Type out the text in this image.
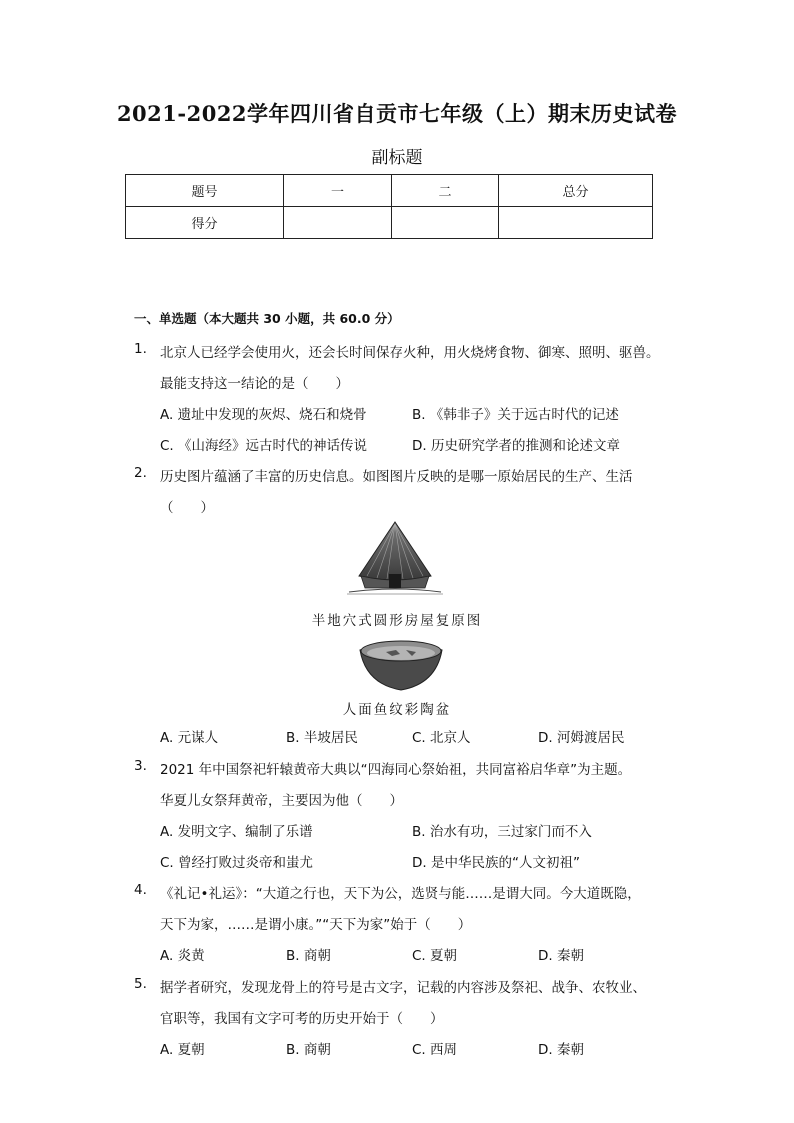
2021-2022学年四川省自贡市七年级（上）期末历史试卷
副标题
题号	一	二	总分
得分			
一、单选题（本大题共 30 小题，共 60.0 分）
1. 北京人已经学会使用火，还会长时间保存火种，用火烧烤食物、御寒、照明、驱兽。
最能支持这一结论的是（　　）
A. 遗址中发现的灰烬、烧石和烧骨	B. 《韩非子》关于远古时代的记述
C. 《山海经》远古时代的神话传说	D. 历史研究学者的推测和论述文章
2. 历史图片蕴涵了丰富的历史信息。如图图片反映的是哪一原始居民的生产、生活
（　　）
半地穴式圆形房屋复原图
人面鱼纹彩陶盆
A. 元谋人	B. 半坡居民	C. 北京人	D. 河姆渡居民
3. 2021 年中国祭祀轩辕黄帝大典以“四海同心祭始祖，共同富裕启华章”为主题。
华夏儿女祭拜黄帝，主要因为他（　　）
A. 发明文字、编制了乐谱	B. 治水有功，三过家门而不入
C. 曾经打败过炎帝和蚩尤	D. 是中华民族的“人文初祖”
4. 《礼记•礼运》：“大道之行也，天下为公，选贤与能……是谓大同。今大道既隐，
天下为家，……是谓小康。”“天下为家”始于（　　）
A. 炎黄	B. 商朝	C. 夏朝	D. 秦朝
5. 据学者研究，发现龙骨上的符号是古文字，记载的内容涉及祭祀、战争、农牧业、
官职等，我国有文字可考的历史开始于（　　）
A. 夏朝	B. 商朝	C. 西周	D. 秦朝
